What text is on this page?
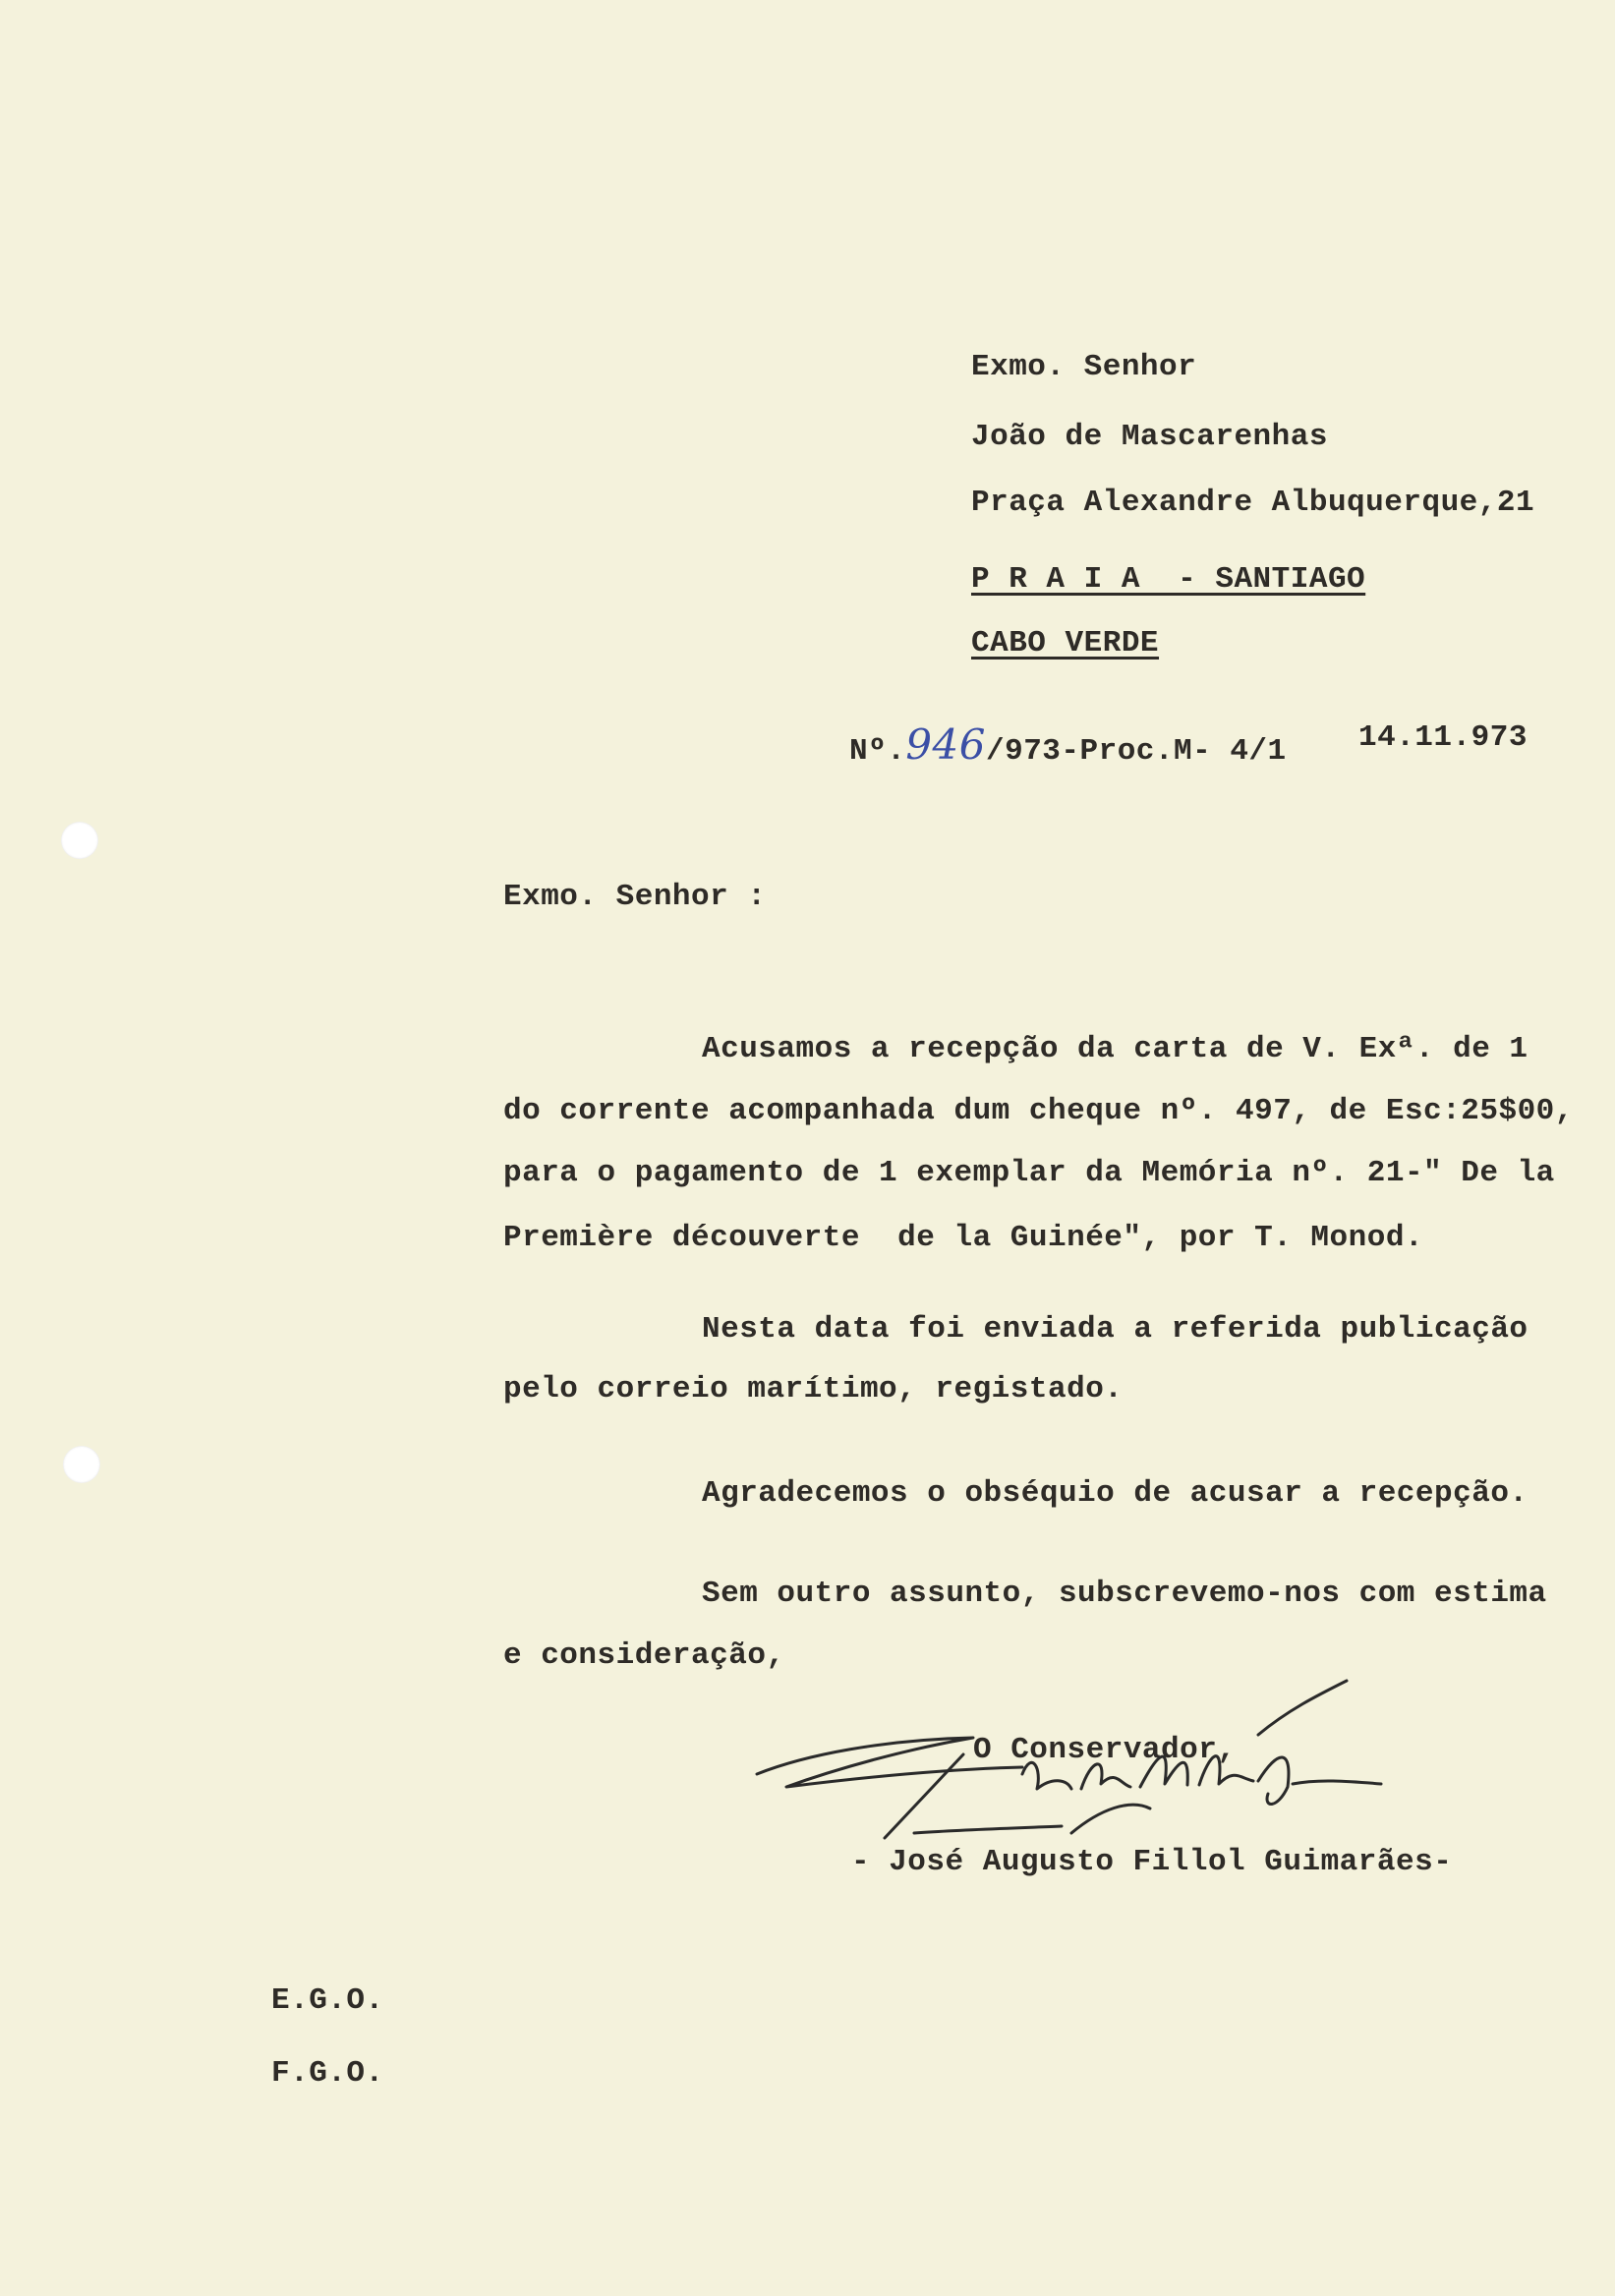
Exmo. Senhor
João de Mascarenhas
Praça Alexandre Albuquerque,21
P R A I A  - SANTIAGO
CABO VERDE
Nº.946/973-Proc.M- 4/1 14.11.973
Exmo. Senhor :
Acusamos a recepção da carta de V. Exª. de 1
do corrente acompanhada dum cheque nº. 497, de Esc:25$00,
para o pagamento de 1 exemplar da Memória nº. 21-" De la
Première découverte  de la Guinée", por T. Monod.
Nesta data foi enviada a referida publicação
pelo correio marítimo, registado.
Agradecemos o obséquio de acusar a recepção.
Sem outro assunto, subscrevemo-nos com estima
e consideração,
O Conservador,
- José Augusto Fillol Guimarães-
E.G.O.
F.G.O.
